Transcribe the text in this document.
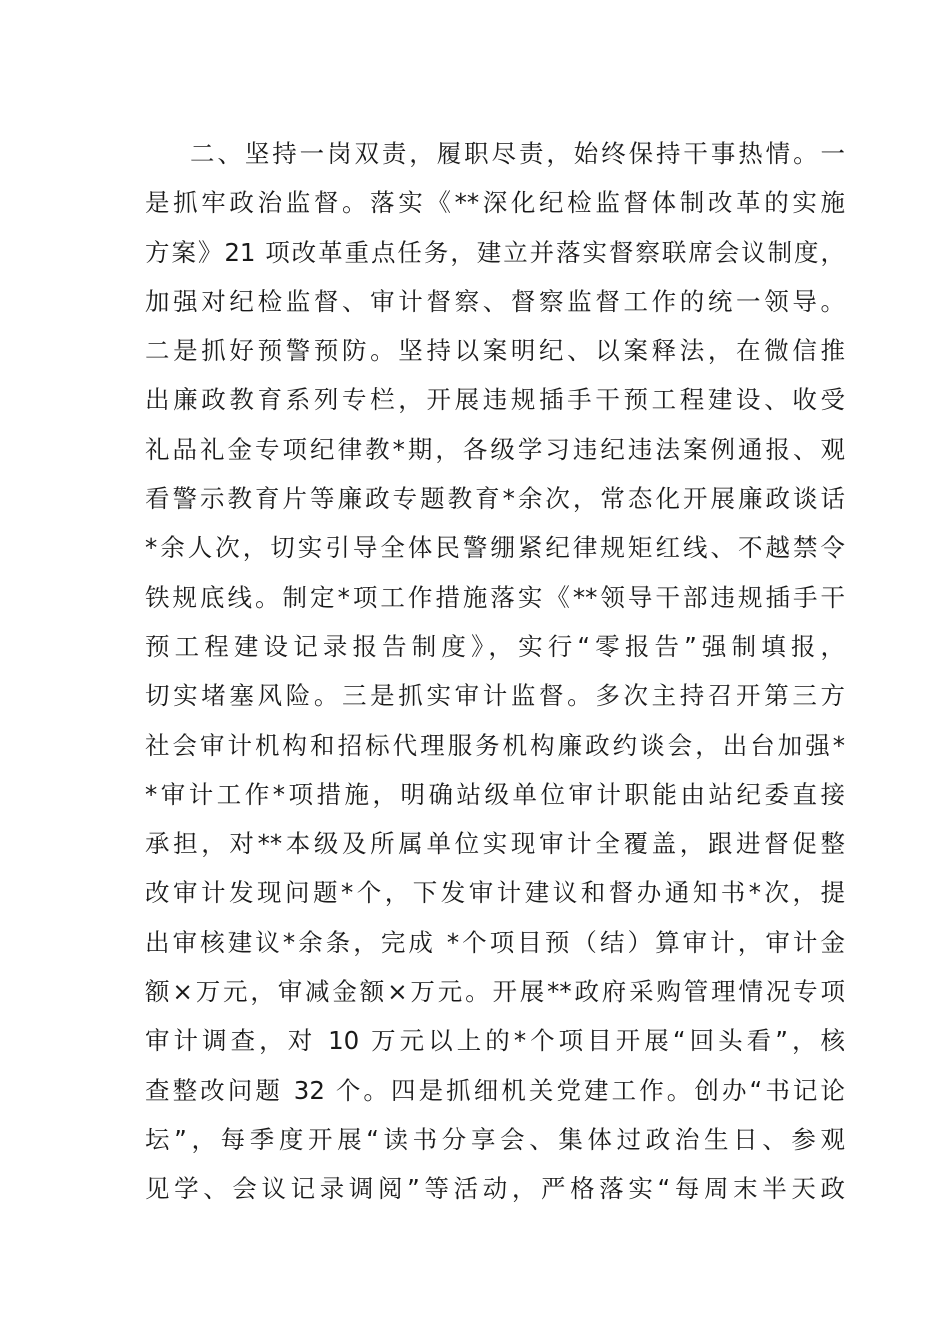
二、坚持一岗双责，履职尽责，始终保持干事热情。一
是抓牢政治监督。落实《**深化纪检监督体制改革的实施
方案》21 项改革重点任务，建立并落实督察联席会议制度，
加强对纪检监督、审计督察、督察监督工作的统一领导。
二是抓好预警预防。坚持以案明纪、以案释法，在微信推
出廉政教育系列专栏，开展违规插手干预工程建设、收受
礼品礼金专项纪律教*期，各级学习违纪违法案例通报、观
看警示教育片等廉政专题教育*余次，常态化开展廉政谈话
*余人次，切实引导全体民警绷紧纪律规矩红线、不越禁令
铁规底线。制定*项工作措施落实《**领导干部违规插手干
预工程建设记录报告制度》，实行“零报告”强制填报，
切实堵塞风险。三是抓实审计监督。多次主持召开第三方
社会审计机构和招标代理服务机构廉政约谈会，出台加强*
*审计工作*项措施，明确站级单位审计职能由站纪委直接
承担，对**本级及所属单位实现审计全覆盖，跟进督促整
改审计发现问题*个，下发审计建议和督办通知书*次，提
出审核建议*余条，完成 *个项目预（结）算审计，审计金
额×万元，审减金额×万元。开展**政府采购管理情况专项
审计调查，对 10 万元以上的*个项目开展“回头看”，核
查整改问题 32 个。四是抓细机关党建工作。创办“书记论
坛”，每季度开展“读书分享会、集体过政治生日、参观
见学、会议记录调阅”等活动，严格落实“每周末半天政
